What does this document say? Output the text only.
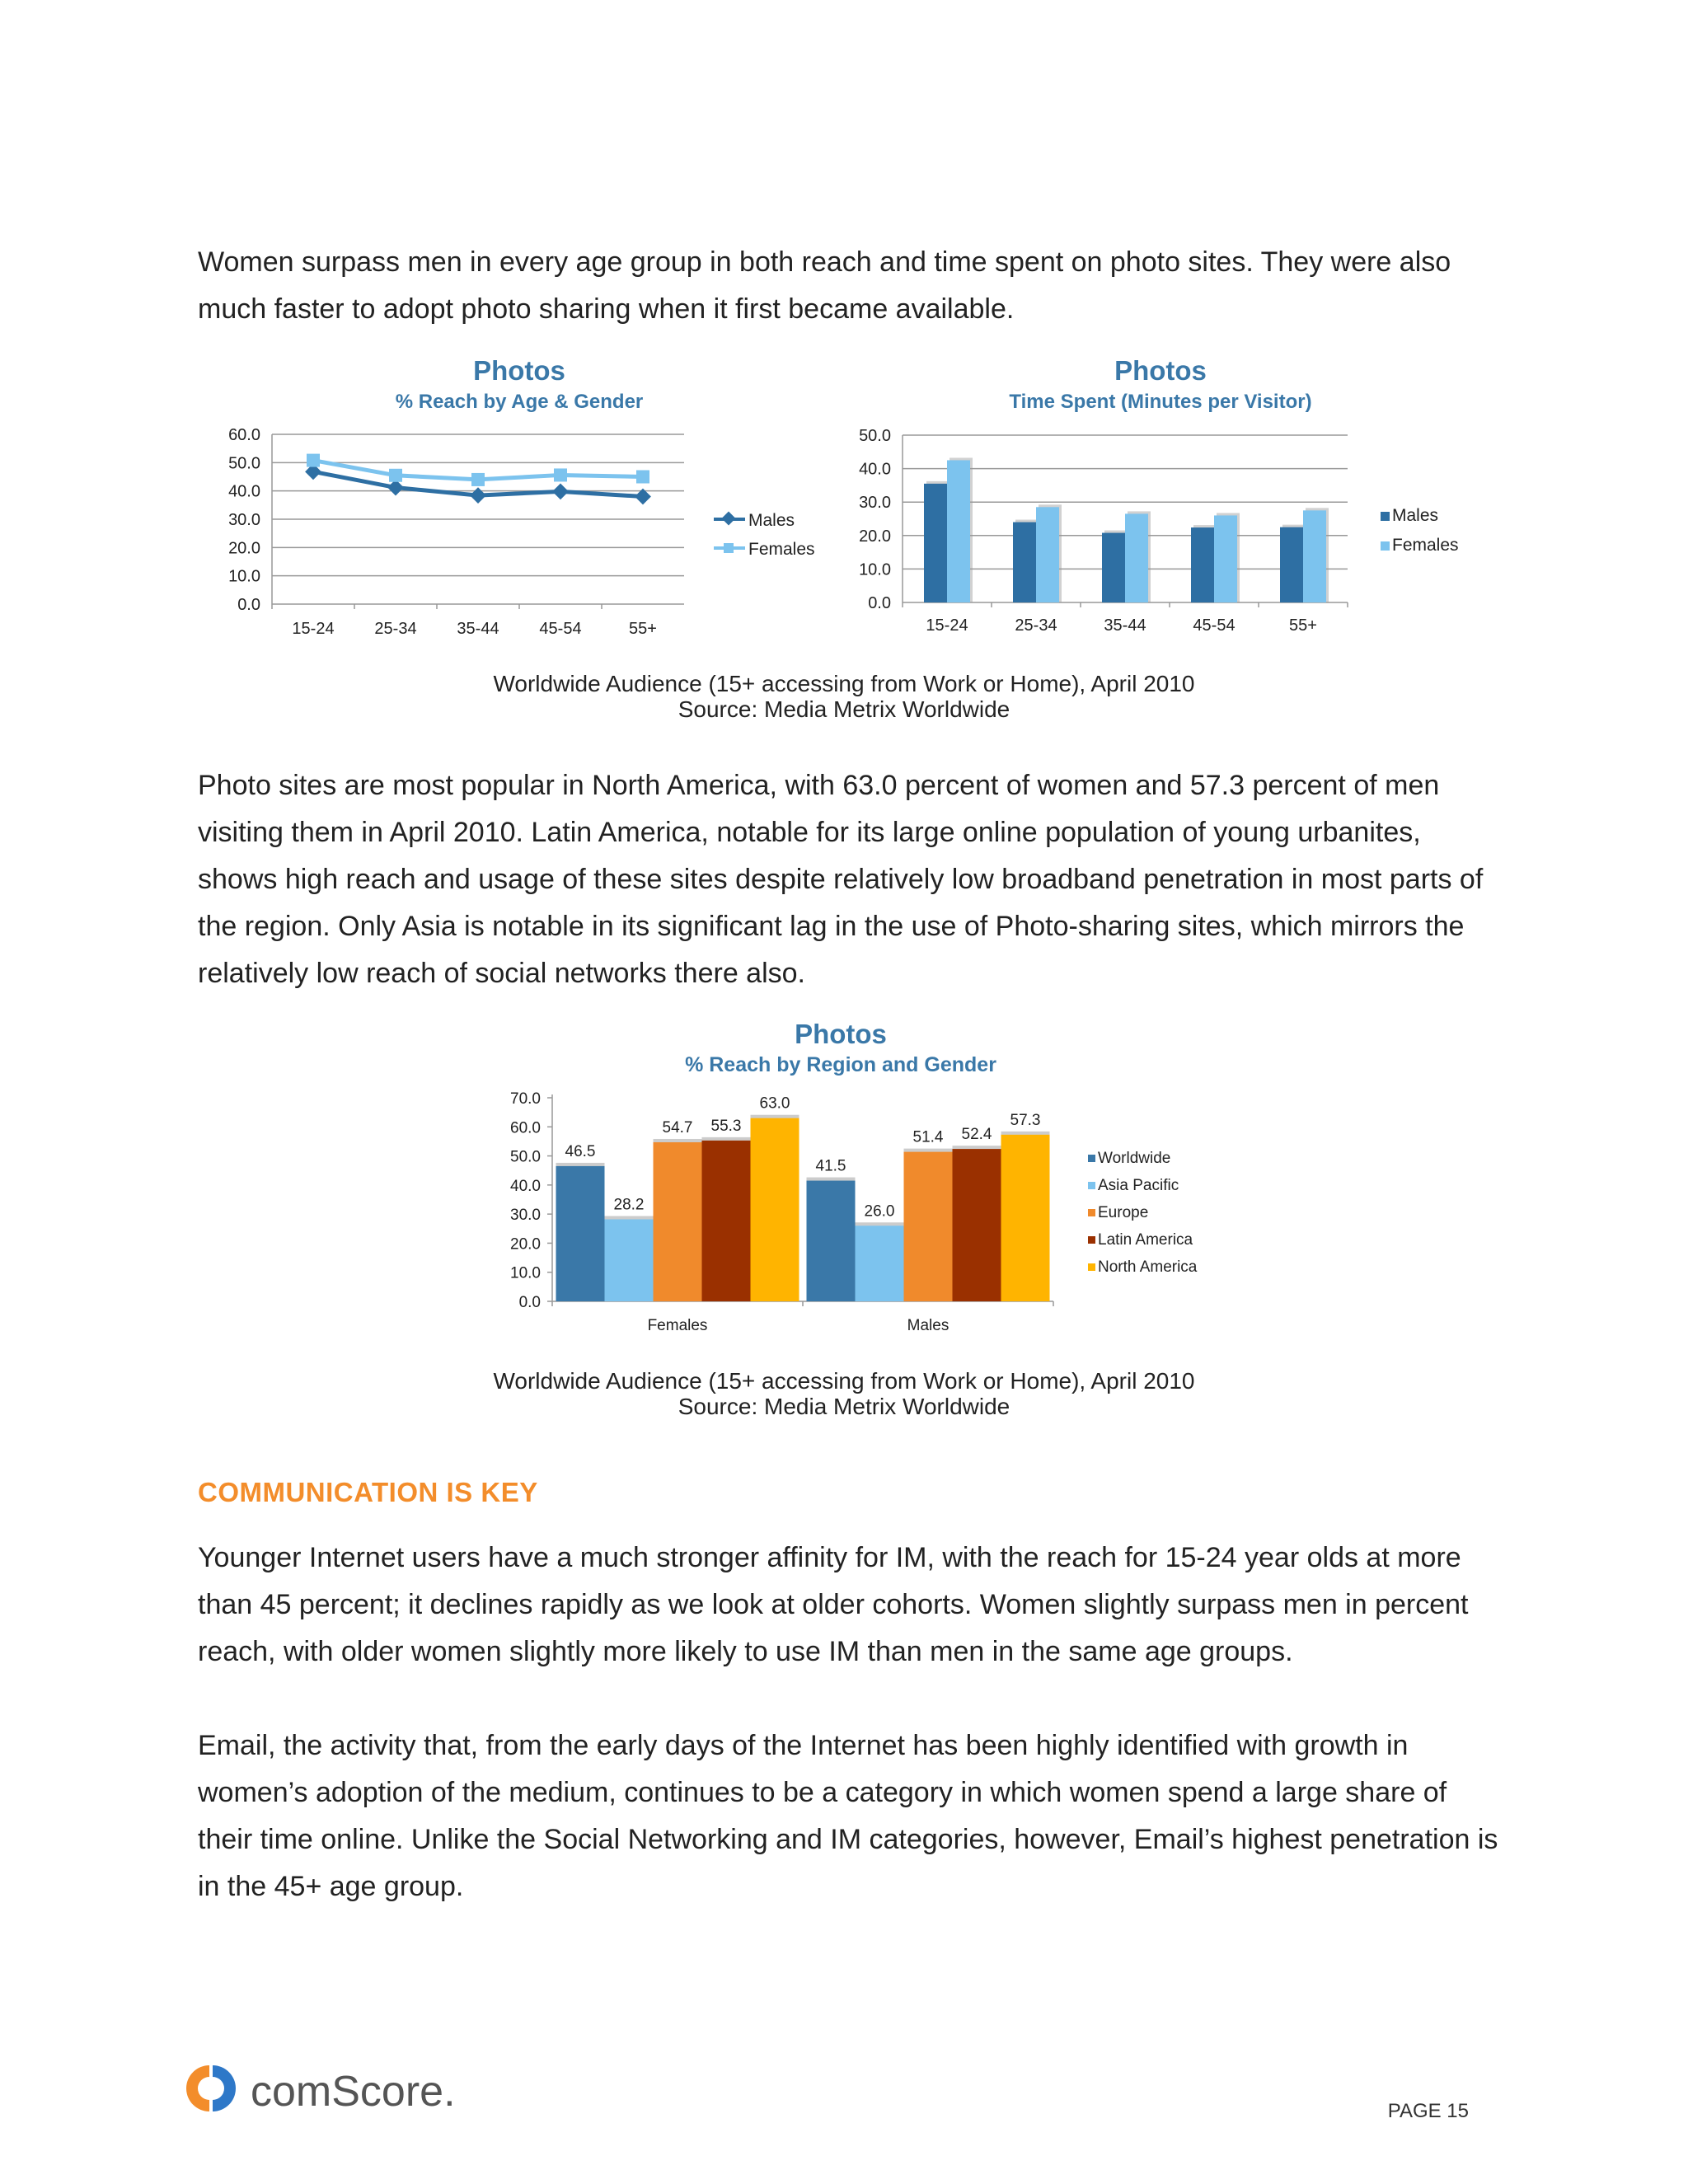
Women surpass men in every age group in both reach and time spent on photo sites. They were also much faster to adopt photo sharing when it first became available.

Photos
% Reach by Age & Gender
0.0
10.0
20.0
30.0
40.0
50.0
60.0
15-24 25-34 35-44 45-54	55+
Males
Females
Photos
Time Spent (Minutes per Visitor)
0.0
10.0
20.0
30.0
40.0
50.0
15-24	25-34	35-44	45-54	55+
Males
Females

Worldwide Audience (15+ accessing from Work or Home), April 2010

Source: Media Metrix Worldwide

Photo sites are most popular in North America, with 63.0 percent of women and 57.3 percent of men visiting them in April 2010. Latin America, notable for its large online population of young urbanites, shows high reach and usage of these sites despite relatively low broadband penetration in most parts of the region. Only Asia is notable in its significant lag in the use of Photo-sharing sites, which mirrors the relatively low reach of social networks there also.

Photos
% Reach by Region and Gender
0.0
10.0
20.0
30.0
40.0
50.0
60.0
70.0
46.5
28.2
54.7 55.3
63.0
41.5
26.0
51.4 52.4
57.3
Females	Males
Worldwide
Asia Pacific
Europe
Latin America
North America

Worldwide Audience (15+ accessing from Work or Home), April 2010

Source: Media Metrix Worldwide

COMMUNICATION IS KEY

Younger Internet users have a much stronger affinity for IM, with the reach for 15-24 year olds at more than 45 percent; it declines rapidly as we look at older cohorts. Women slightly surpass men in percent reach, with older women slightly more likely to use IM than men in the same age groups.

Email, the activity that, from the early days of the Internet has been highly identified with growth in women’s adoption of the medium, continues to be a category in which women spend a large share of their time online. Unlike the Social Networking and IM categories, however, Email’s highest penetration is in the 45+ age group.

comScore.	PAGE 15
